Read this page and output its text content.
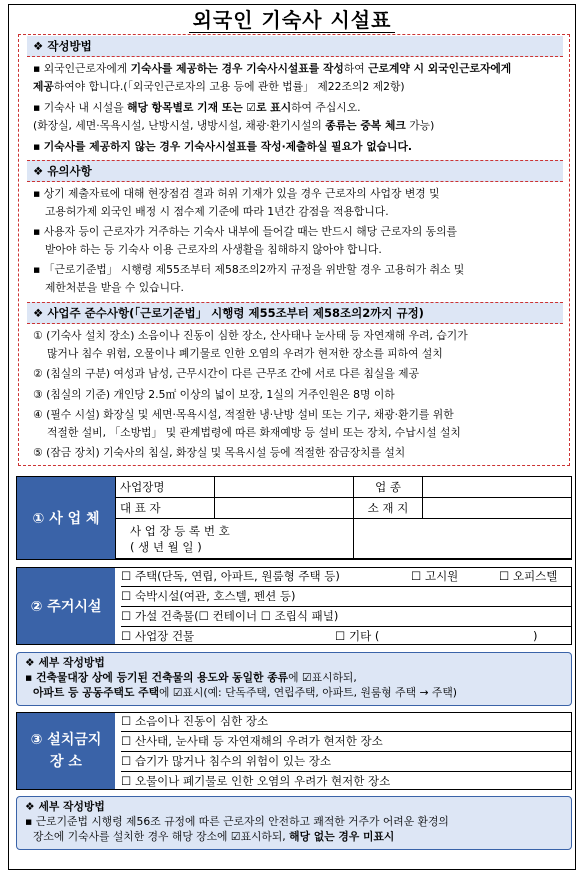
외국인 기숙사 시설표
❖ 작성방법
▪ 외국인근로자에게 기숙사를 제공하는 경우 기숙사시설표를 작성하여 근로계약 시 외국인근로자에게
제공하여야 합니다.(「외국인근로자의 고용 등에 관한 법률」 제22조의2 제2항)
▪ 기숙사 내 시설을 해당 항목별로 기재 또는 ☑로 표시하여 주십시오.
(화장실, 세면·목욕시설, 난방시설, 냉방시설, 채광·환기시설의 종류는 중복 체크 가능)
▪ 기숙사를 제공하지 않는 경우 기숙사시설표를 작성·제출하실 필요가 없습니다.
❖ 유의사항
▪ 상기 제출자료에 대해 현장점검 결과 허위 기재가 있을 경우 근로자의 사업장 변경 및
고용허가제 외국인 배정 시 점수제 기준에 따라 1년간 감점을 적용합니다.
▪ 사용자 등이 근로자가 거주하는 기숙사 내부에 들어갈 때는 반드시 해당 근로자의 동의를
받아야 하는 등 기숙사 이용 근로자의 사생활을 침해하지 않아야 합니다.
▪ 「근로기준법」 시행령 제55조부터 제58조의2까지 규정을 위반할 경우 고용허가 취소 및
제한처분을 받을 수 있습니다.
❖ 사업주 준수사항(「근로기준법」 시행령 제55조부터 제58조의2까지 규정)
① (기숙사 설치 장소) 소음이나 진동이 심한 장소, 산사태나 눈사태 등 자연재해 우려, 습기가
많거나 침수 위험, 오물이나 폐기물로 인한 오염의 우려가 현저한 장소를 피하여 설치
② (침실의 구분) 여성과 남성, 근무시간이 다른 근무조 간에 서로 다른 침실을 제공
③ (침실의 기준) 개인당 2.5㎡ 이상의 넓이 보장, 1실의 거주인원은 8명 이하
④ (필수 시설) 화장실 및 세면·목욕시설, 적절한 냉·난방 설비 또는 기구, 채광·환기를 위한
적절한 설비, 「소방법」 및 관계법령에 따른 화재예방 등 설비 또는 장치, 수납시설 설치
⑤ (잠금 장치) 기숙사의 침실, 화장실 및 목욕시설 등에 적절한 잠금장치를 설치
① 사 업 체
사업장명		업 종	
대 표 자		소 재 지	

사 업 장 등 록 번 호
( 생 년 월 일 )			

② 주거시설
☐ 주택(단독, 연립, 아파트, 원룸형 주택 등)	☐ 고시원	☐ 오피스텔
☐ 숙박시설(여관, 호스텔, 펜션 등)
☐ 가설 건축물(☐ 컨테이너 ☐ 조립식 패널)
☐ 사업장 건물	☐ 기타 (	)
❖ 세부 작성방법
▪ 건축물대장 상에 등기된 건축물의 용도와 동일한 종류에 ☑표시하되,
아파트 등 공동주택도 주택에 ☑표시(예: 단독주택, 연립주택, 아파트, 원룸형 주택 → 주택)
③ 설치금지
장 소
☐ 소음이나 진동이 심한 장소
☐ 산사태, 눈사태 등 자연재해의 우려가 현저한 장소
☐ 습기가 많거나 침수의 위험이 있는 장소
☐ 오물이나 폐기물로 인한 오염의 우려가 현저한 장소
❖ 세부 작성방법
▪ 근로기준법 시행령 제56조 규정에 따른 근로자의 안전하고 쾌적한 거주가 어려운 환경의
장소에 기숙사를 설치한 경우 해당 장소에 ☑표시하되, 해당 없는 경우 미표시
